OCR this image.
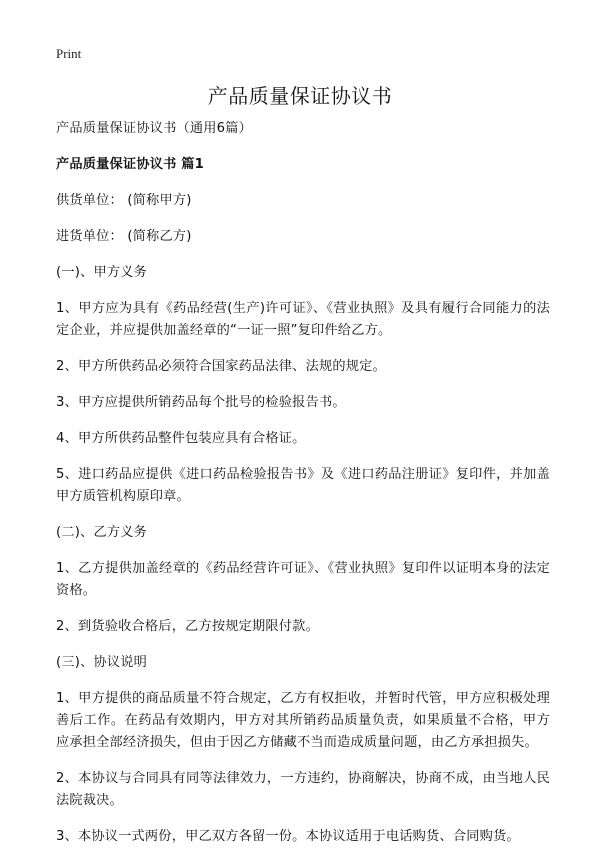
Print
产品质量保证协议书

产品质量保证协议书（通用6篇）

产品质量保证协议书 篇1

供货单位： (简称甲方)

进货单位： (简称乙方)

(一)、甲方义务

1、甲方应为具有《药品经营(生产)许可证》、《营业执照》及具有履行合同能力的法定企业，并应提供加盖经章的“一证一照”复印件给乙方。

2、甲方所供药品必须符合国家药品法律、法规的规定。

3、甲方应提供所销药品每个批号的检验报告书。

4、甲方所供药品整件包装应具有合格证。

5、进口药品应提供《进口药品检验报告书》及《进口药品注册证》复印件，并加盖甲方质管机构原印章。

(二)、乙方义务

1、乙方提供加盖经章的《药品经营许可证》、《营业执照》复印件以证明本身的法定资格。

2、到货验收合格后，乙方按规定期限付款。

(三)、协议说明

1、甲方提供的商品质量不符合规定，乙方有权拒收，并暂时代管，甲方应积极处理善后工作。在药品有效期内，甲方对其所销药品质量负责，如果质量不合格，甲方应承担全部经济损失，但由于因乙方储藏不当而造成质量问题，由乙方承担损失。

2、本协议与合同具有同等法律效力，一方违约，协商解决，协商不成，由当地人民法院裁决。

3、本协议一式两份，甲乙双方各留一份。本协议适用于电话购货、合同购货。
